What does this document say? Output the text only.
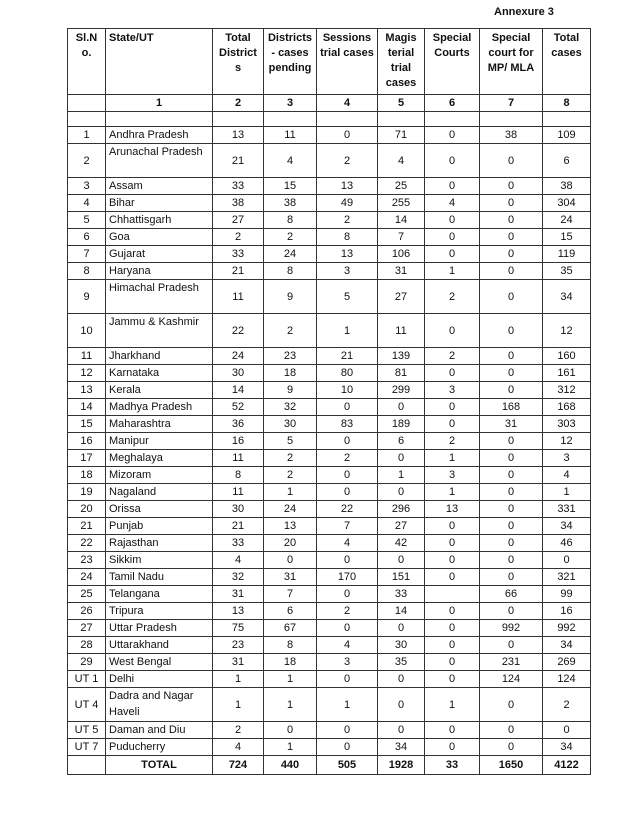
Annexure 3
Sl.N o.	State/UT	Total District s	Districts - cases pending	Sessions trial cases	Magis terial trial cases	Special Courts	Special court for MP/ MLA	Total cases
	1	2	3	4	5	6	7	8

1	Andhra Pradesh	13	11	0	71	0	38	109
2	Arunachal Pradesh	21	4	2	4	0	0	6
3	Assam	33	15	13	25	0	0	38
4	Bihar	38	38	49	255	4	0	304
5	Chhattisgarh	27	8	2	14	0	0	24
6	Goa	2	2	8	7	0	0	15
7	Gujarat	33	24	13	106	0	0	119
8	Haryana	21	8	3	31	1	0	35
9	Himachal Pradesh	11	9	5	27	2	0	34
10	Jammu & Kashmir	22	2	1	11	0	0	12
11	Jharkhand	24	23	21	139	2	0	160
12	Karnataka	30	18	80	81	0	0	161
13	Kerala	14	9	10	299	3	0	312
14	Madhya Pradesh	52	32	0	0	0	168	168
15	Maharashtra	36	30	83	189	0	31	303
16	Manipur	16	5	0	6	2	0	12
17	Meghalaya	11	2	2	0	1	0	3
18	Mizoram	8	2	0	1	3	0	4
19	Nagaland	11	1	0	0	1	0	1
20	Orissa	30	24	22	296	13	0	331
21	Punjab	21	13	7	27	0	0	34
22	Rajasthan	33	20	4	42	0	0	46
23	Sikkim	4	0	0	0	0	0	0
24	Tamil Nadu	32	31	170	151	0	0	321
25	Telangana	31	7	0	33		66	99
26	Tripura	13	6	2	14	0	0	16
27	Uttar Pradesh	75	67	0	0	0	992	992
28	Uttarakhand	23	8	4	30	0	0	34
29	West Bengal	31	18	3	35	0	231	269
UT 1	Delhi	1	1	0	0	0	124	124
UT 4	Dadra and Nagar Haveli	1	1	1	0	1	0	2
UT 5	Daman and Diu	2	0	0	0	0	0	0
UT 7	Puducherry	4	1	0	34	0	0	34
	TOTAL	724	440	505	1928	33	1650	4122
